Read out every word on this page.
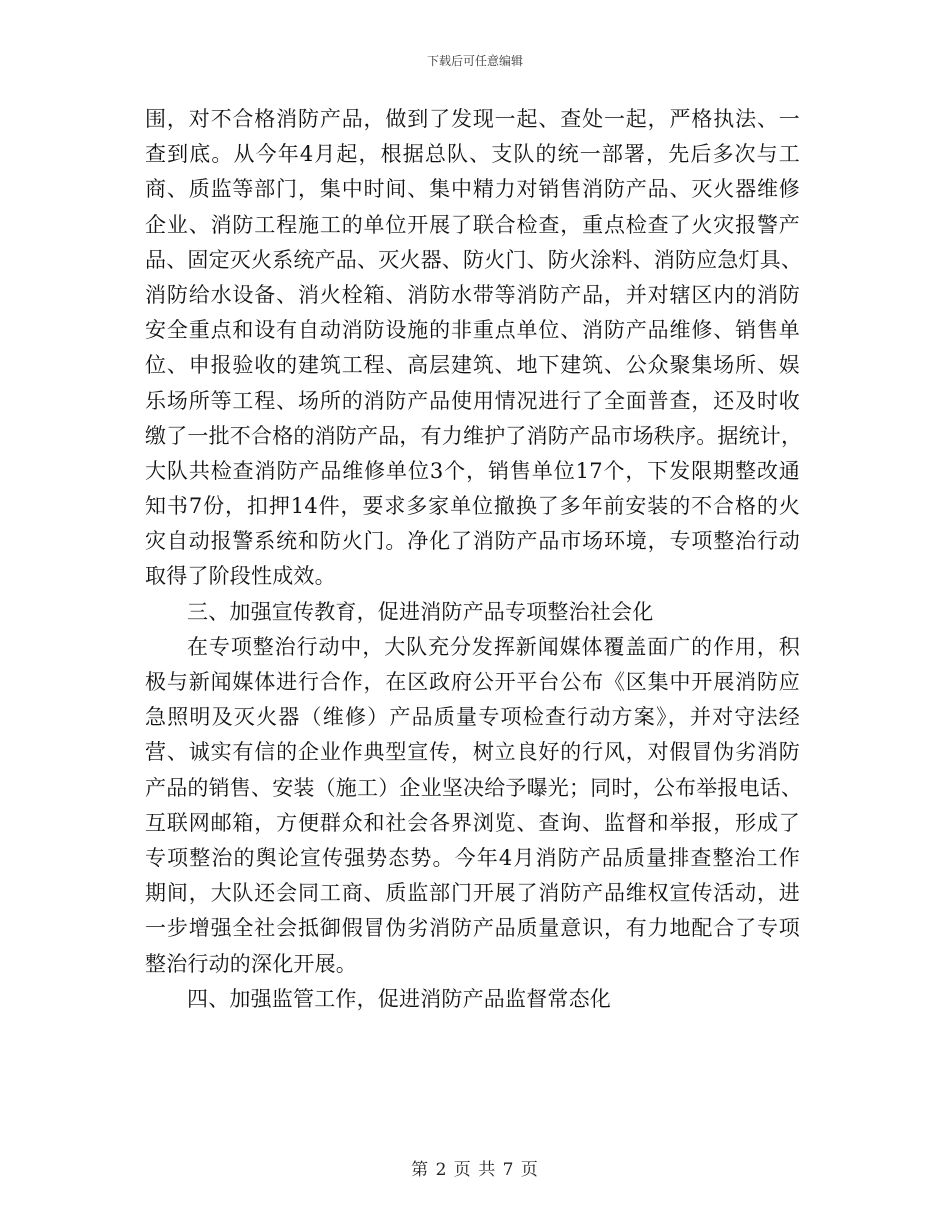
下载后可任意编辑
围，对不合格消防产品，做到了发现一起、查处一起，严格执法、一
查到底。从今年4月起，根据总队、支队的统一部署，先后多次与工
商、质监等部门，集中时间、集中精力对销售消防产品、灭火器维修
企业、消防工程施工的单位开展了联合检查，重点检查了火灾报警产
品、固定灭火系统产品、灭火器、防火门、防火涂料、消防应急灯具、
消防给水设备、消火栓箱、消防水带等消防产品，并对辖区内的消防
安全重点和设有自动消防设施的非重点单位、消防产品维修、销售单
位、申报验收的建筑工程、高层建筑、地下建筑、公众聚集场所、娱
乐场所等工程、场所的消防产品使用情况进行了全面普查，还及时收
缴了一批不合格的消防产品，有力维护了消防产品市场秩序。据统计，
大队共检查消防产品维修单位3个，销售单位17个，下发限期整改通
知书7份，扣押14件，要求多家单位撤换了多年前安装的不合格的火
灾自动报警系统和防火门。净化了消防产品市场环境，专项整治行动
取得了阶段性成效。
三、加强宣传教育，促进消防产品专项整治社会化
在专项整治行动中，大队充分发挥新闻媒体覆盖面广的作用，积
极与新闻媒体进行合作，在区政府公开平台公布《区集中开展消防应
急照明及灭火器（维修）产品质量专项检查行动方案》，并对守法经
营、诚实有信的企业作典型宣传，树立良好的行风，对假冒伪劣消防
产品的销售、安装（施工）企业坚决给予曝光；同时，公布举报电话、
互联网邮箱，方便群众和社会各界浏览、查询、监督和举报，形成了
专项整治的舆论宣传强势态势。今年4月消防产品质量排查整治工作
期间，大队还会同工商、质监部门开展了消防产品维权宣传活动，进
一步增强全社会抵御假冒伪劣消防产品质量意识，有力地配合了专项
整治行动的深化开展。
四、加强监管工作，促进消防产品监督常态化
第 2 页 共 7 页
